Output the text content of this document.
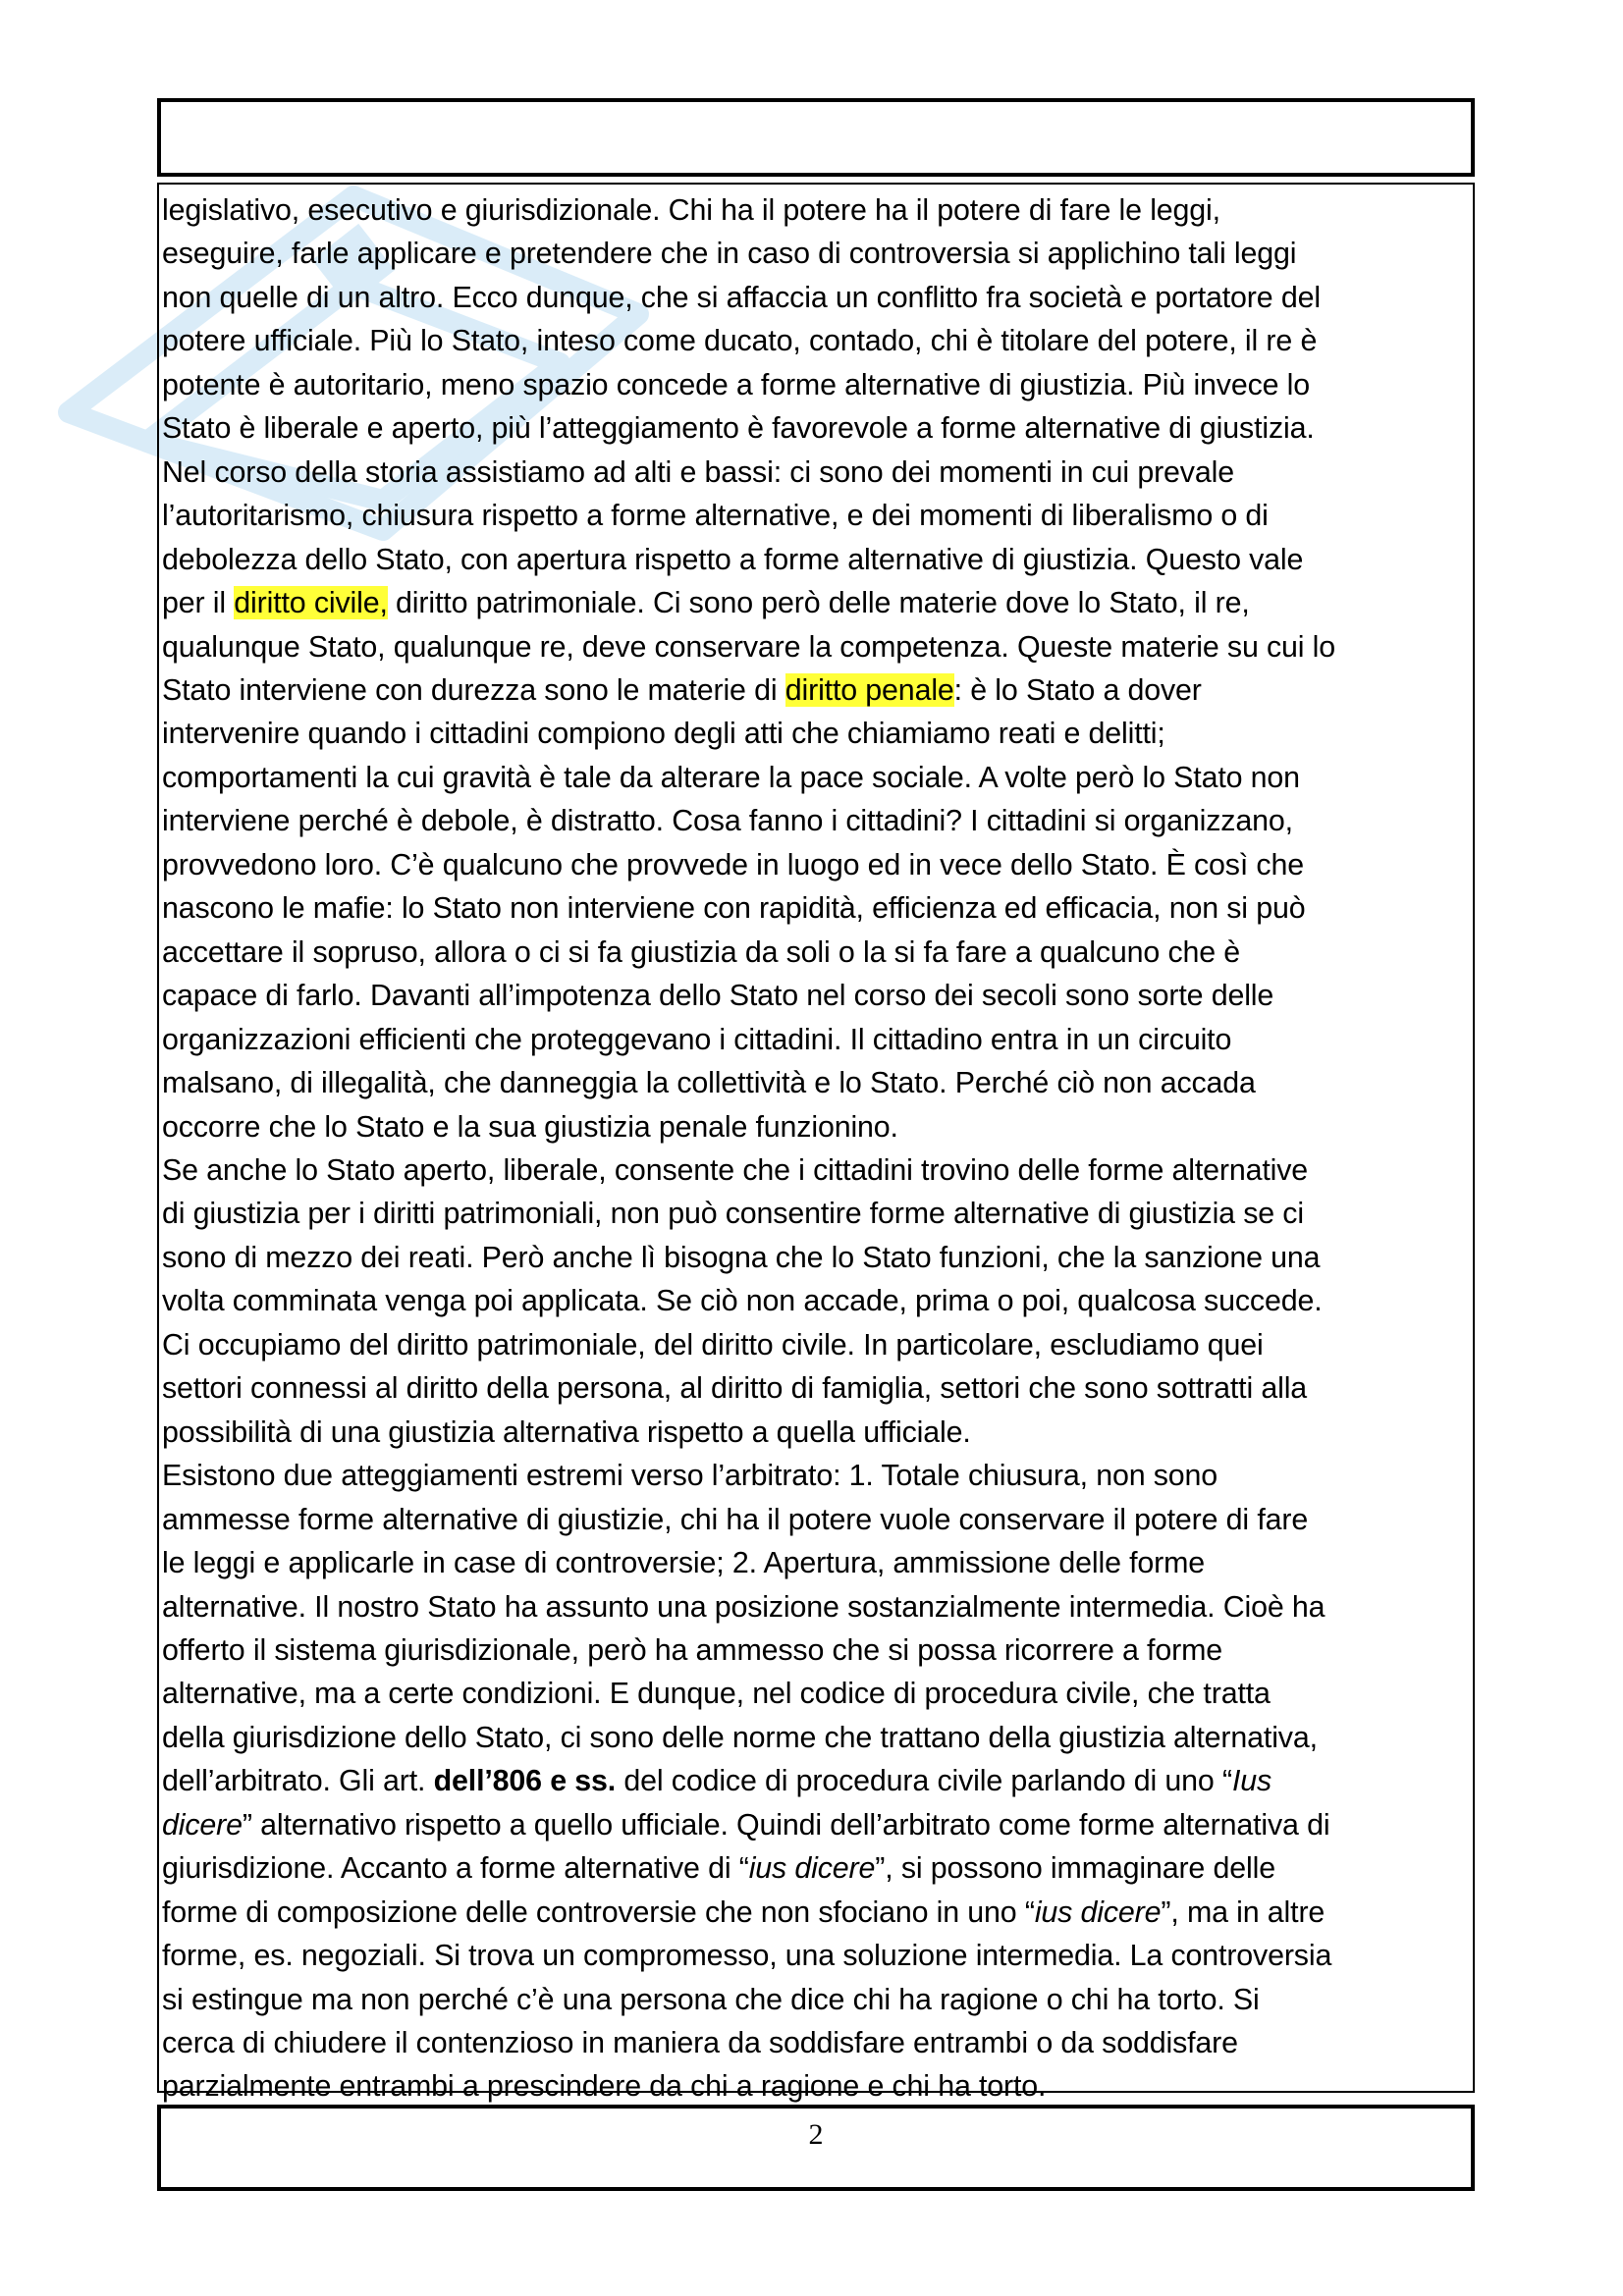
legislativo, esecutivo e giurisdizionale. Chi ha il potere ha il potere di fare le leggi,
eseguire, farle applicare e pretendere che in caso di controversia si applichino tali leggi
non quelle di un altro. Ecco dunque, che si affaccia un conflitto fra società e portatore del
potere ufficiale. Più lo Stato, inteso come ducato, contado, chi è titolare del potere, il re è
potente è autoritario, meno spazio concede a forme alternative di giustizia. Più invece lo
Stato è liberale e aperto, più l’atteggiamento è favorevole a forme alternative di giustizia.
Nel corso della storia assistiamo ad alti e bassi: ci sono dei momenti in cui prevale
l’autoritarismo, chiusura rispetto a forme alternative, e dei momenti di liberalismo o di
debolezza dello Stato, con apertura rispetto a forme alternative di giustizia. Questo vale
per il diritto civile, diritto patrimoniale. Ci sono però delle materie dove lo Stato, il re,
qualunque Stato, qualunque re, deve conservare la competenza. Queste materie su cui lo
Stato interviene con durezza sono le materie di diritto penale: è lo Stato a dover
intervenire quando i cittadini compiono degli atti che chiamiamo reati e delitti;
comportamenti la cui gravità è tale da alterare la pace sociale. A volte però lo Stato non
interviene perché è debole, è distratto. Cosa fanno i cittadini? I cittadini si organizzano,
provvedono loro. C’è qualcuno che provvede in luogo ed in vece dello Stato. È così che
nascono le mafie: lo Stato non interviene con rapidità, efficienza ed efficacia, non si può
accettare il sopruso, allora o ci si fa giustizia da soli o la si fa fare a qualcuno che è
capace di farlo. Davanti all’impotenza dello Stato nel corso dei secoli sono sorte delle
organizzazioni efficienti che proteggevano i cittadini. Il cittadino entra in un circuito
malsano, di illegalità, che danneggia la collettività e lo Stato. Perché ciò non accada
occorre che lo Stato e la sua giustizia penale funzionino.
Se anche lo Stato aperto, liberale, consente che i cittadini trovino delle forme alternative
di giustizia per i diritti patrimoniali, non può consentire forme alternative di giustizia se ci
sono di mezzo dei reati. Però anche lì bisogna che lo Stato funzioni, che la sanzione una
volta comminata venga poi applicata. Se ciò non accade, prima o poi, qualcosa succede.
Ci occupiamo del diritto patrimoniale, del diritto civile. In particolare, escludiamo quei
settori connessi al diritto della persona, al diritto di famiglia, settori che sono sottratti alla
possibilità di una giustizia alternativa rispetto a quella ufficiale.
Esistono due atteggiamenti estremi verso l’arbitrato: 1. Totale chiusura, non sono
ammesse forme alternative di giustizie, chi ha il potere vuole conservare il potere di fare
le leggi e applicarle in case di controversie; 2. Apertura, ammissione delle forme
alternative. Il nostro Stato ha assunto una posizione sostanzialmente intermedia. Cioè ha
offerto il sistema giurisdizionale, però ha ammesso che si possa ricorrere a forme
alternative, ma a certe condizioni. E dunque, nel codice di procedura civile, che tratta
della giurisdizione dello Stato, ci sono delle norme che trattano della giustizia alternativa,
dell’arbitrato. Gli art. dell’806 e ss. del codice di procedura civile parlando di uno “Ius
dicere” alternativo rispetto a quello ufficiale. Quindi dell’arbitrato come forme alternativa di
giurisdizione. Accanto a forme alternative di “ius dicere”, si possono immaginare delle
forme di composizione delle controversie che non sfociano in uno “ius dicere”, ma in altre
forme, es. negoziali. Si trova un compromesso, una soluzione intermedia. La controversia
si estingue ma non perché c’è una persona che dice chi ha ragione o chi ha torto. Si
cerca di chiudere il contenzioso in maniera da soddisfare entrambi o da soddisfare
parzialmente entrambi a prescindere da chi a ragione e chi ha torto.

2
